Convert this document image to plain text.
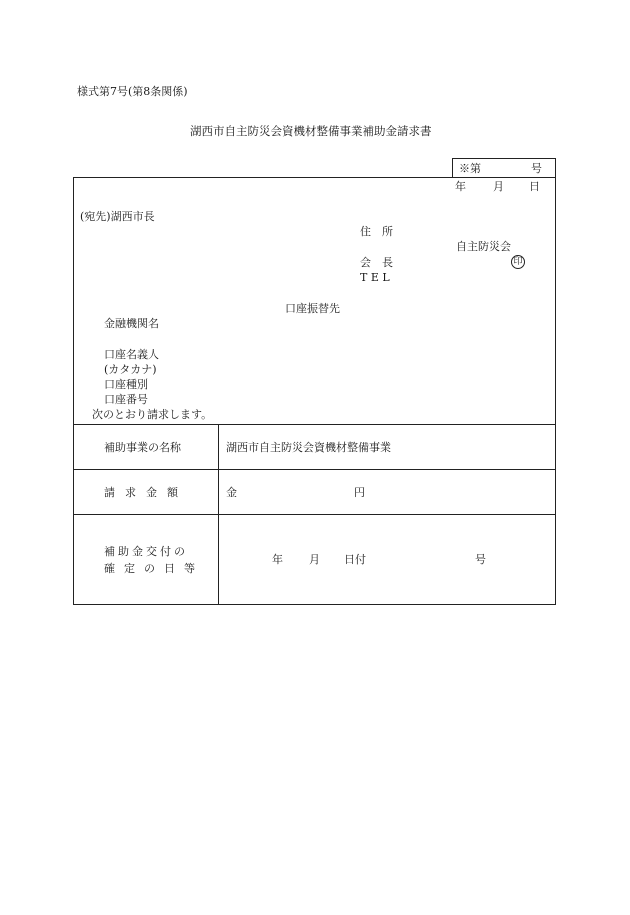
様式第7号(第8条関係)
湖西市自主防災会資機材整備事業補助金請求書
※第	号
年 月 日
(宛先)湖西市長
住　所
自主防災会
会　長	印
T E L
口座振替先
金融機関名
口座名義人
(カタカナ)
口座種別
口座番号
次のとおり請求します。
補助事業の名称	湖西市自主防災会資機材整備事業
請求金額	金	円
補助金交付の
確定の日等
年 月 日付	号
